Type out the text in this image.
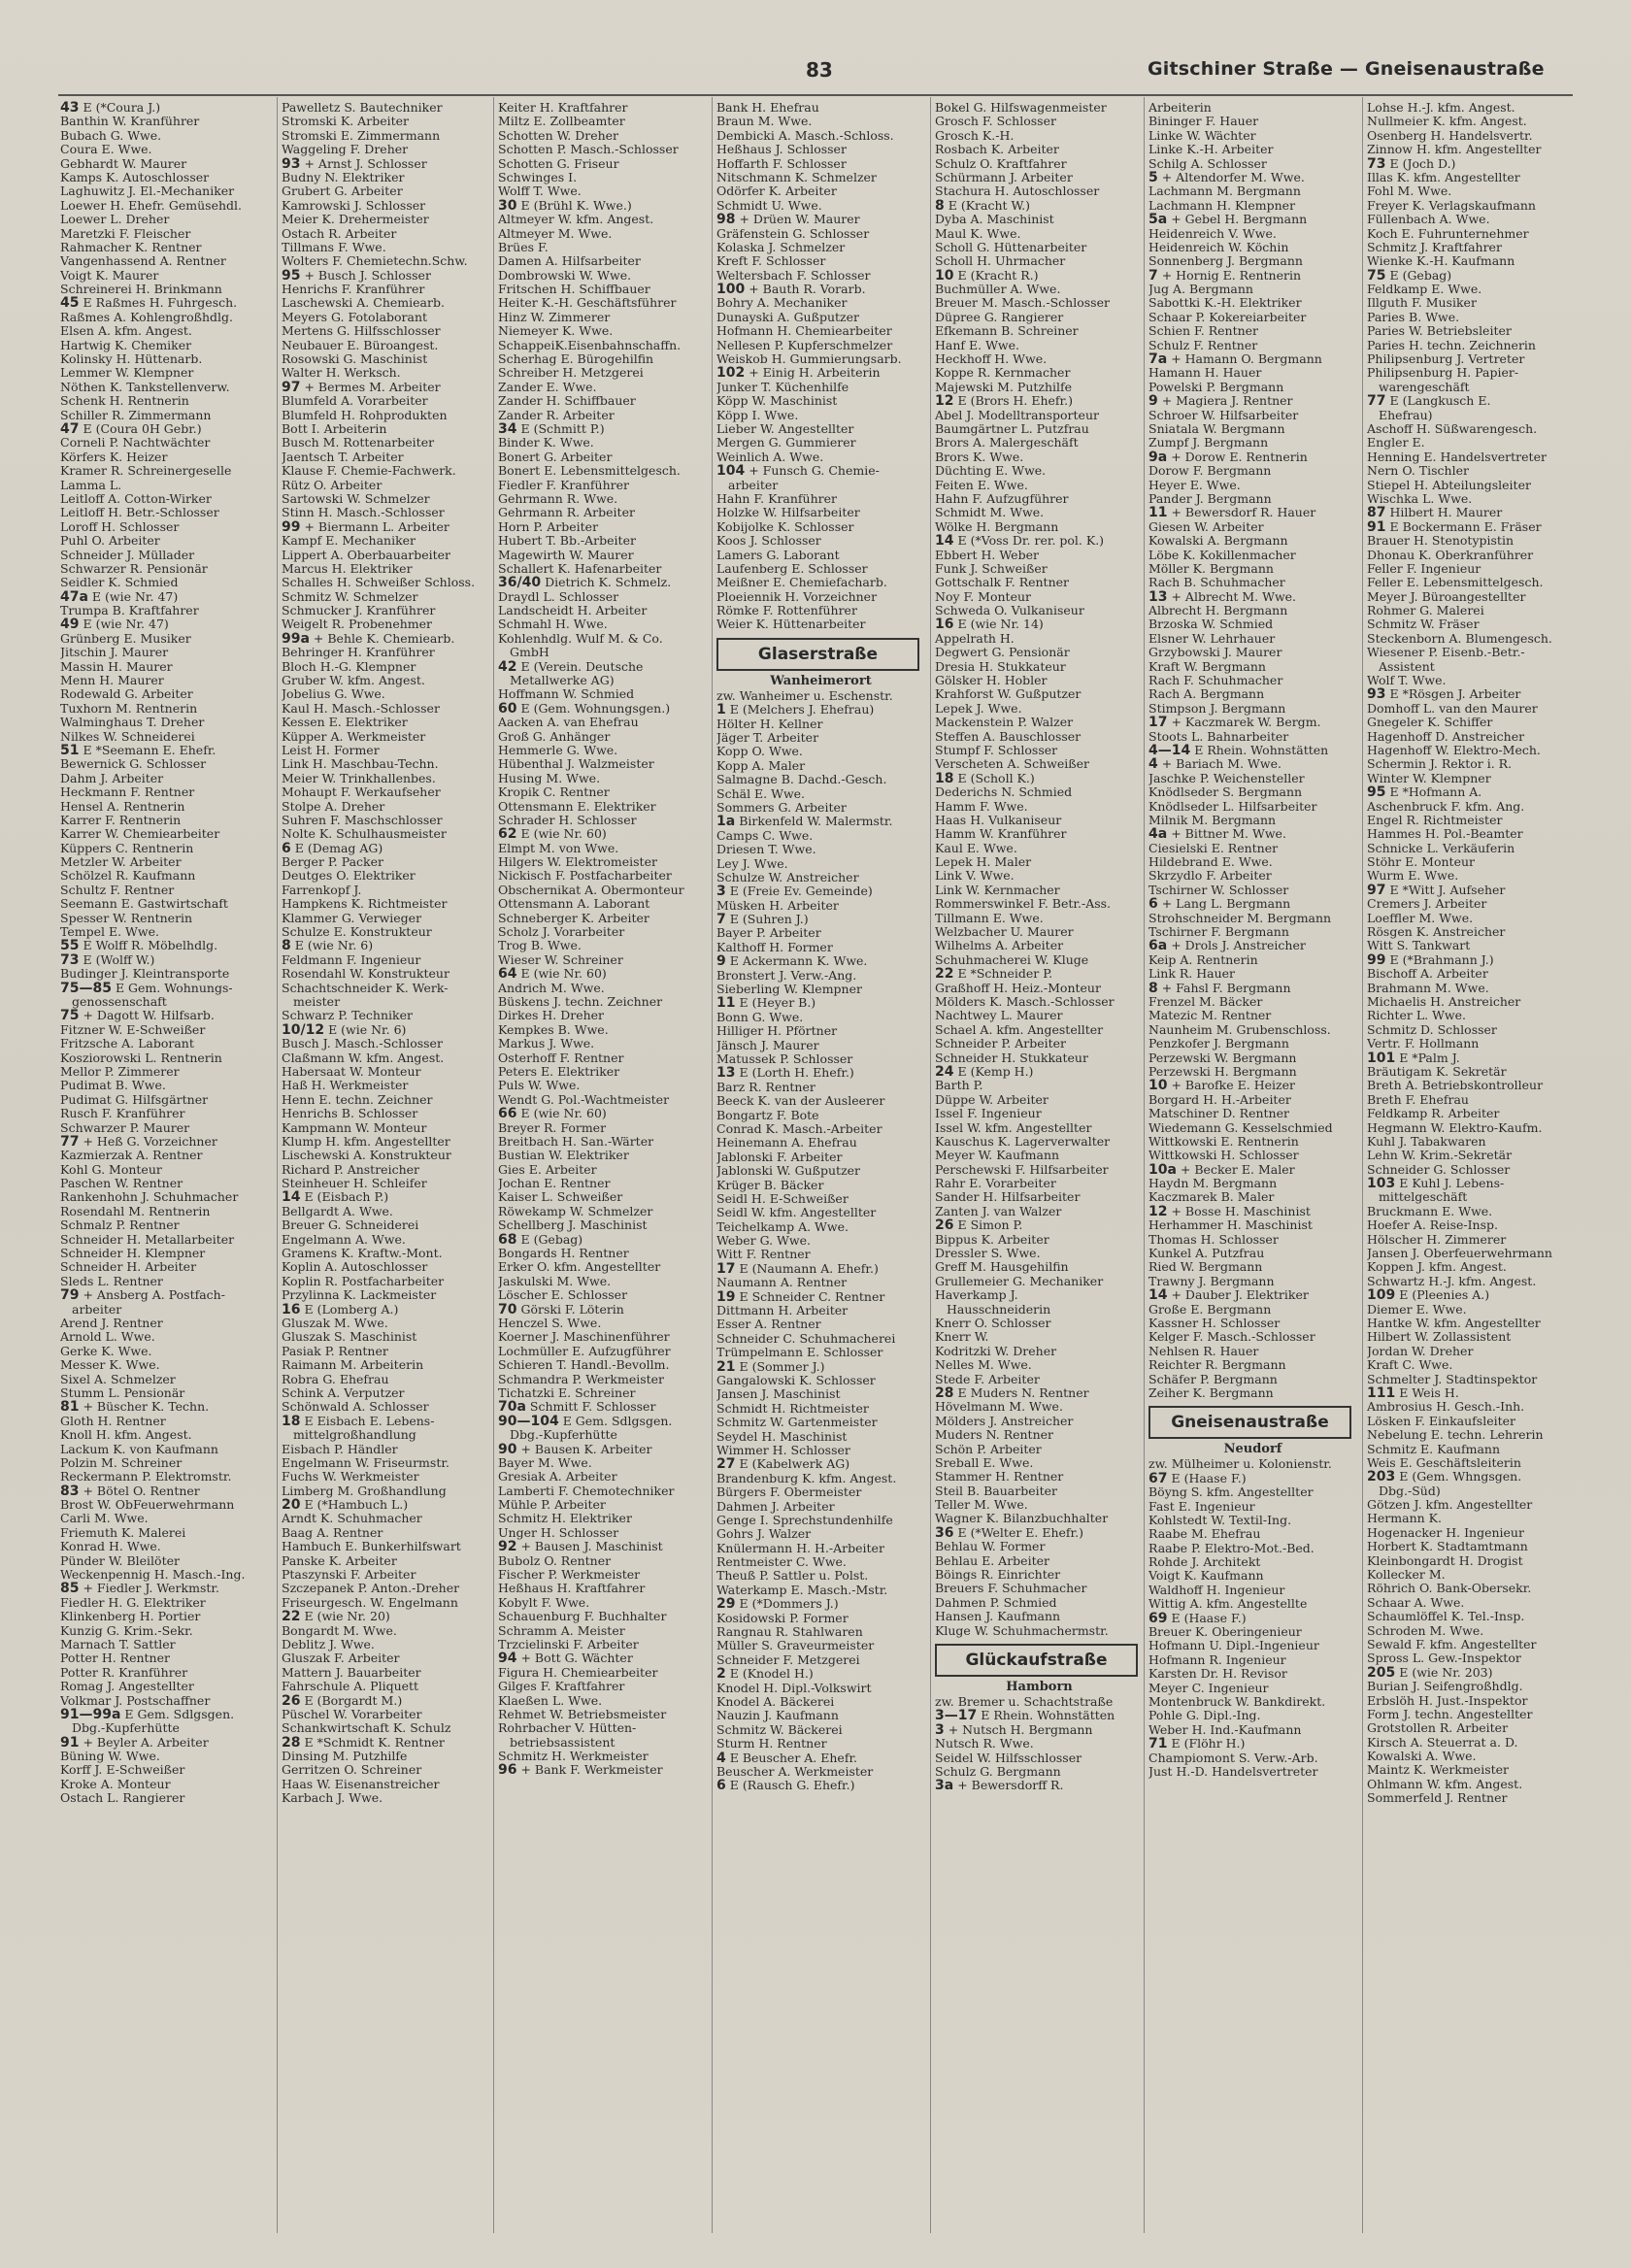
83	Gitschiner Straße — Gneisenaustraße
43 E (*Coura J.)
Banthin W. Kranführer
Bubach G. Wwe.
Coura E. Wwe.
Gebhardt W. Maurer
Kamps K. Autoschlosser
Laghuwitz J. El.-Mechaniker
Loewer H. Ehefr. Gemüsehdl.
Loewer L. Dreher
Maretzki F. Fleischer
Rahmacher K. Rentner
Vangenhassend A. Rentner
Voigt K. Maurer
Schreinerei H. Brinkmann
45 E Raßmes H. Fuhrgesch.
Raßmes A. Kohlengroßhdlg.
Elsen A. kfm. Angest.
Hartwig K. Chemiker
Kolinsky H. Hüttenarb.
Lemmer W. Klempner
Nöthen K. Tankstellenverw.
Schenk H. Rentnerin
Schiller R. Zimmermann
47 E (Coura 0H Gebr.)
Corneli P. Nachtwächter
Körfers K. Heizer
Kramer R. Schreinergeselle
Lamma L.
Leitloff A. Cotton-Wirker
Leitloff H. Betr.-Schlosser
Loroff H. Schlosser
Puhl O. Arbeiter
Schneider J. Müllader
Schwarzer R. Pensionär
Seidler K. Schmied
47a E (wie Nr. 47)
Trumpa B. Kraftfahrer
49 E (wie Nr. 47)
Grünberg E. Musiker
Jitschin J. Maurer
Massin H. Maurer
Menn H. Maurer
Rodewald G. Arbeiter
Tuxhorn M. Rentnerin
Walminghaus T. Dreher
Nilkes W. Schneiderei
51 E *Seemann E. Ehefr.
Bewernick G. Schlosser
Dahm J. Arbeiter
Heckmann F. Rentner
Hensel A. Rentnerin
Karrer F. Rentnerin
Karrer W. Chemiearbeiter
Küppers C. Rentnerin
Metzler W. Arbeiter
Schölzel R. Kaufmann
Schultz F. Rentner
Seemann E. Gastwirtschaft
Spesser W. Rentnerin
Tempel E. Wwe.
55 E Wolff R. Möbelhdlg.
73 E (Wolff W.)
Budinger J. Kleintransporte
75—85 E Gem. Wohnungs-
genossenschaft
75 + Dagott W. Hilfsarb.
Fitzner W. E-Schweißer
Fritzsche A. Laborant
Kosziorowski L. Rentnerin
Mellor P. Zimmerer
Pudimat B. Wwe.
Pudimat G. Hilfsgärtner
Rusch F. Kranführer
Schwarzer P. Maurer
77 + Heß G. Vorzeichner
Kazmierzak A. Rentner
Kohl G. Monteur
Paschen W. Rentner
Rankenhohn J. Schuhmacher
Rosendahl M. Rentnerin
Schmalz P. Rentner
Schneider H. Metallarbeiter
Schneider H. Klempner
Schneider H. Arbeiter
Sleds L. Rentner
79 + Ansberg A. Postfach-
arbeiter
Arend J. Rentner
Arnold L. Wwe.
Gerke K. Wwe.
Messer K. Wwe.
Sixel A. Schmelzer
Stumm L. Pensionär
81 + Büscher K. Techn.
Gloth H. Rentner
Knoll H. kfm. Angest.
Lackum K. von Kaufmann
Polzin M. Schreiner
Reckermann P. Elektromstr.
83 + Bötel O. Rentner
Brost W. ObFeuerwehrmann
Carli M. Wwe.
Friemuth K. Malerei
Konrad H. Wwe.
Pünder W. Bleilöter
Weckenpennig H. Masch.-Ing.
85 + Fiedler J. Werkmstr.
Fiedler H. G. Elektriker
Klinkenberg H. Portier
Kunzig G. Krim.-Sekr.
Marnach T. Sattler
Potter H. Rentner
Potter R. Kranführer
Romag J. Angestellter
Volkmar J. Postschaffner
91—99a E Gem. Sdlgsgen.
Dbg.-Kupferhütte
91 + Beyler A. Arbeiter
Büning W. Wwe.
Korff J. E-Schweißer
Kroke A. Monteur
Ostach L. Rangierer
Pawelletz S. Bautechniker
Stromski K. Arbeiter
Stromski E. Zimmermann
Waggeling F. Dreher
93 + Arnst J. Schlosser
Budny N. Elektriker
Grubert G. Arbeiter
Kamrowski J. Schlosser
Meier K. Drehermeister
Ostach R. Arbeiter
Tillmans F. Wwe.
Wolters F. Chemietechn.Schw.
95 + Busch J. Schlosser
Henrichs F. Kranführer
Laschewski A. Chemiearb.
Meyers G. Fotolaborant
Mertens G. Hilfsschlosser
Neubauer E. Büroangest.
Rosowski G. Maschinist
Walter H. Werksch.
97 + Bermes M. Arbeiter
Blumfeld A. Vorarbeiter
Blumfeld H. Rohprodukten
Bott I. Arbeiterin
Busch M. Rottenarbeiter
Jaentsch T. Arbeiter
Klause F. Chemie-Fachwerk.
Rütz O. Arbeiter
Sartowski W. Schmelzer
Stinn H. Masch.-Schlosser
99 + Biermann L. Arbeiter
Kampf E. Mechaniker
Lippert A. Oberbauarbeiter
Marcus H. Elektriker
Schalles H. Schweißer Schloss.
Schmitz W. Schmelzer
Schmucker J. Kranführer
Weigelt R. Probenehmer
99a + Behle K. Chemiearb.
Behringer H. Kranführer
Bloch H.-G. Klempner
Gruber W. kfm. Angest.
Jobelius G. Wwe.
Kaul H. Masch.-Schlosser
Kessen E. Elektriker
Küpper A. Werkmeister
Leist H. Former
Link H. Maschbau-Techn.
Meier W. Trinkhallenbes.
Mohaupt F. Werkaufseher
Stolpe A. Dreher
Suhren F. Maschschlosser
Nolte K. Schulhausmeister
6 E (Demag AG)
Berger P. Packer
Deutges O. Elektriker
Farrenkopf J.
Hampkens K. Richtmeister
Klammer G. Verwieger
Schulze E. Konstrukteur
8 E (wie Nr. 6)
Feldmann F. Ingenieur
Rosendahl W. Konstrukteur
Schachtschneider K. Werk-
meister
Schwarz P. Techniker
10/12 E (wie Nr. 6)
Busch J. Masch.-Schlosser
Claßmann W. kfm. Angest.
Habersaat W. Monteur
Haß H. Werkmeister
Henn E. techn. Zeichner
Henrichs B. Schlosser
Kampmann W. Monteur
Klump H. kfm. Angestellter
Lischewski A. Konstrukteur
Richard P. Anstreicher
Steinheuer H. Schleifer
14 E (Eisbach P.)
Bellgardt A. Wwe.
Breuer G. Schneiderei
Engelmann A. Wwe.
Gramens K. Kraftw.-Mont.
Koplin A. Autoschlosser
Koplin R. Postfacharbeiter
Przylinna K. Lackmeister
16 E (Lomberg A.)
Gluszak M. Wwe.
Gluszak S. Maschinist
Pasiak P. Rentner
Raimann M. Arbeiterin
Robra G. Ehefrau
Schink A. Verputzer
Schönwald A. Schlosser
18 E Eisbach E. Lebens-
mittelgroßhandlung
Eisbach P. Händler
Engelmann W. Friseurmstr.
Fuchs W. Werkmeister
Limberg M. Großhandlung
20 E (*Hambuch L.)
Arndt K. Schuhmacher
Baag A. Rentner
Hambuch E. Bunkerhilfswart
Panske K. Arbeiter
Ptaszynski F. Arbeiter
Szczepanek P. Anton.-Dreher
Friseurgesch. W. Engelmann
22 E (wie Nr. 20)
Bongardt M. Wwe.
Deblitz J. Wwe.
Gluszak F. Arbeiter
Mattern J. Bauarbeiter
Fahrschule A. Pliquett
26 E (Borgardt M.)
Püschel W. Vorarbeiter
Schankwirtschaft K. Schulz
28 E *Schmidt K. Rentner
Dinsing M. Putzhilfe
Gerritzen O. Schreiner
Haas W. Eisenanstreicher
Karbach J. Wwe.
Keiter H. Kraftfahrer
Miltz E. Zollbeamter
Schotten W. Dreher
Schotten P. Masch.-Schlosser
Schotten G. Friseur
Schwinges I.
Wolff T. Wwe.
30 E (Brühl K. Wwe.)
Altmeyer W. kfm. Angest.
Altmeyer M. Wwe.
Brües F.
Damen A. Hilfsarbeiter
Dombrowski W. Wwe.
Fritschen H. Schiffbauer
Heiter K.-H. Geschäftsführer
Hinz W. Zimmerer
Niemeyer K. Wwe.
SchappeiK.Eisenbahnschaffn.
Scherhag E. Bürogehilfin
Schreiber H. Metzgerei
Zander E. Wwe.
Zander H. Schiffbauer
Zander R. Arbeiter
34 E (Schmitt P.)
Binder K. Wwe.
Bonert G. Arbeiter
Bonert E. Lebensmittelgesch.
Fiedler F. Kranführer
Gehrmann R. Wwe.
Gehrmann R. Arbeiter
Horn P. Arbeiter
Hubert T. Bb.-Arbeiter
Magewirth W. Maurer
Schallert K. Hafenarbeiter
36/40 Dietrich K. Schmelz.
Draydl L. Schlosser
Landscheidt H. Arbeiter
Schmahl H. Wwe.
Kohlenhdlg. Wulf M. & Co.
GmbH
42 E (Verein. Deutsche
Metallwerke AG)
Hoffmann W. Schmied
60 E (Gem. Wohnungsgen.)
Aacken A. van Ehefrau
Groß G. Anhänger
Hemmerle G. Wwe.
Hübenthal J. Walzmeister
Husing M. Wwe.
Kropik C. Rentner
Ottensmann E. Elektriker
Schrader H. Schlosser
62 E (wie Nr. 60)
Elmpt M. von Wwe.
Hilgers W. Elektromeister
Nickisch F. Postfacharbeiter
Obschernikat A. Obermonteur
Ottensmann A. Laborant
Schneberger K. Arbeiter
Scholz J. Vorarbeiter
Trog B. Wwe.
Wieser W. Schreiner
64 E (wie Nr. 60)
Andrich M. Wwe.
Büskens J. techn. Zeichner
Dirkes H. Dreher
Kempkes B. Wwe.
Markus J. Wwe.
Osterhoff F. Rentner
Peters E. Elektriker
Puls W. Wwe.
Wendt G. Pol.-Wachtmeister
66 E (wie Nr. 60)
Breyer R. Former
Breitbach H. San.-Wärter
Bustian W. Elektriker
Gies E. Arbeiter
Jochan E. Rentner
Kaiser L. Schweißer
Röwekamp W. Schmelzer
Schellberg J. Maschinist
68 E (Gebag)
Bongards H. Rentner
Erker O. kfm. Angestellter
Jaskulski M. Wwe.
Löscher E. Schlosser
70 Görski F. Löterin
Henczel S. Wwe.
Koerner J. Maschinenführer
Lochmüller E. Aufzugführer
Schieren T. Handl.-Bevollm.
Schmandra P. Werkmeister
Tichatzki E. Schreiner
70a Schmitt F. Schlosser
90—104 E Gem. Sdlgsgen.
Dbg.-Kupferhütte
90 + Bausen K. Arbeiter
Bayer M. Wwe.
Gresiak A. Arbeiter
Lamberti F. Chemotechniker
Mühle P. Arbeiter
Schmitz H. Elektriker
Unger H. Schlosser
92 + Bausen J. Maschinist
Bubolz O. Rentner
Fischer P. Werkmeister
Heßhaus H. Kraftfahrer
Kobylt F. Wwe.
Schauenburg F. Buchhalter
Schramm A. Meister
Trzcielinski F. Arbeiter
94 + Bott G. Wächter
Figura H. Chemiearbeiter
Gilges F. Kraftfahrer
Klaeßen L. Wwe.
Rehmet W. Betriebsmeister
Rohrbacher V. Hütten-
betriebsassistent
Schmitz H. Werkmeister
96 + Bank F. Werkmeister
Bank H. Ehefrau
Braun M. Wwe.
Dembicki A. Masch.-Schloss.
Heßhaus J. Schlosser
Hoffarth F. Schlosser
Nitschmann K. Schmelzer
Odörfer K. Arbeiter
Schmidt U. Wwe.
98 + Drüen W. Maurer
Gräfenstein G. Schlosser
Kolaska J. Schmelzer
Kreft F. Schlosser
Weltersbach F. Schlosser
100 + Bauth R. Vorarb.
Bohry A. Mechaniker
Dunayski A. Gußputzer
Hofmann H. Chemiearbeiter
Nellesen P. Kupferschmelzer
Weiskob H. Gummierungsarb.
102 + Einig H. Arbeiterin
Junker T. Küchenhilfe
Köpp W. Maschinist
Köpp I. Wwe.
Lieber W. Angestellter
Mergen G. Gummierer
Weinlich A. Wwe.
104 + Funsch G. Chemie-
arbeiter
Hahn F. Kranführer
Holzke W. Hilfsarbeiter
Kobijolke K. Schlosser
Koos J. Schlosser
Lamers G. Laborant
Laufenberg E. Schlosser
Meißner E. Chemiefacharb.
Ploeiennik H. Vorzeichner
Römke F. Rottenführer
Weier K. Hüttenarbeiter
Glaserstraße
Wanheimerort
zw. Wanheimer u. Eschenstr.
1 E (Melchers J. Ehefrau)
Hölter H. Kellner
Jäger T. Arbeiter
Kopp O. Wwe.
Kopp A. Maler
Salmagne B. Dachd.-Gesch.
Schäl E. Wwe.
Sommers G. Arbeiter
1a Birkenfeld W. Malermstr.
Camps C. Wwe.
Driesen T. Wwe.
Ley J. Wwe.
Schulze W. Anstreicher
3 E (Freie Ev. Gemeinde)
Müsken H. Arbeiter
7 E (Suhren J.)
Bayer P. Arbeiter
Kalthoff H. Former
9 E Ackermann K. Wwe.
Bronstert J. Verw.-Ang.
Sieberling W. Klempner
11 E (Heyer B.)
Bonn G. Wwe.
Hilliger H. Pförtner
Jänsch J. Maurer
Matussek P. Schlosser
13 E (Lorth H. Ehefr.)
Barz R. Rentner
Beeck K. van der Ausleerer
Bongartz F. Bote
Conrad K. Masch.-Arbeiter
Heinemann A. Ehefrau
Jablonski F. Arbeiter
Jablonski W. Gußputzer
Krüger B. Bäcker
Seidl H. E-Schweißer
Seidl W. kfm. Angestellter
Teichelkamp A. Wwe.
Weber G. Wwe.
Witt F. Rentner
17 E (Naumann A. Ehefr.)
Naumann A. Rentner
19 E Schneider C. Rentner
Dittmann H. Arbeiter
Esser A. Rentner
Schneider C. Schuhmacherei
Trümpelmann E. Schlosser
21 E (Sommer J.)
Gangalowski K. Schlosser
Jansen J. Maschinist
Schmidt H. Richtmeister
Schmitz W. Gartenmeister
Seydel H. Maschinist
Wimmer H. Schlosser
27 E (Kabelwerk AG)
Brandenburg K. kfm. Angest.
Bürgers F. Obermeister
Dahmen J. Arbeiter
Genge I. Sprechstundenhilfe
Gohrs J. Walzer
Knülermann H. H.-Arbeiter
Rentmeister C. Wwe.
Theuß P. Sattler u. Polst.
Waterkamp E. Masch.-Mstr.
29 E (*Dommers J.)
Kosidowski P. Former
Rangnau R. Stahlwaren
Müller S. Graveurmeister
Schneider F. Metzgerei
2 E (Knodel H.)
Knodel H. Dipl.-Volkswirt
Knodel A. Bäckerei
Nauzin J. Kaufmann
Schmitz W. Bäckerei
Sturm H. Rentner
4 E Beuscher A. Ehefr.
Beuscher A. Werkmeister
6 E (Rausch G. Ehefr.)
Bokel G. Hilfswagenmeister
Grosch F. Schlosser
Grosch K.-H.
Rosbach K. Arbeiter
Schulz O. Kraftfahrer
Schürmann J. Arbeiter
Stachura H. Autoschlosser
8 E (Kracht W.)
Dyba A. Maschinist
Maul K. Wwe.
Scholl G. Hüttenarbeiter
Scholl H. Uhrmacher
10 E (Kracht R.)
Buchmüller A. Wwe.
Breuer M. Masch.-Schlosser
Düpree G. Rangierer
Efkemann B. Schreiner
Hanf E. Wwe.
Heckhoff H. Wwe.
Koppe R. Kernmacher
Majewski M. Putzhilfe
12 E (Brors H. Ehefr.)
Abel J. Modelltransporteur
Baumgärtner L. Putzfrau
Brors A. Malergeschäft
Brors K. Wwe.
Düchting E. Wwe.
Feiten E. Wwe.
Hahn F. Aufzugführer
Schmidt M. Wwe.
Wölke H. Bergmann
14 E (*Voss Dr. rer. pol. K.)
Ebbert H. Weber
Funk J. Schweißer
Gottschalk F. Rentner
Noy F. Monteur
Schweda O. Vulkaniseur
16 E (wie Nr. 14)
Appelrath H.
Degwert G. Pensionär
Dresia H. Stukkateur
Gölsker H. Hobler
Krahforst W. Gußputzer
Lepek J. Wwe.
Mackenstein P. Walzer
Steffen A. Bauschlosser
Stumpf F. Schlosser
Verscheten A. Schweißer
18 E (Scholl K.)
Dederichs N. Schmied
Hamm F. Wwe.
Haas H. Vulkaniseur
Hamm W. Kranführer
Kaul E. Wwe.
Lepek H. Maler
Link V. Wwe.
Link W. Kernmacher
Rommerswinkel F. Betr.-Ass.
Tillmann E. Wwe.
Welzbacher U. Maurer
Wilhelms A. Arbeiter
Schuhmacherei W. Kluge
22 E *Schneider P.
Graßhoff H. Heiz.-Monteur
Mölders K. Masch.-Schlosser
Nachtwey L. Maurer
Schael A. kfm. Angestellter
Schneider P. Arbeiter
Schneider H. Stukkateur
24 E (Kemp H.)
Barth P.
Düppe W. Arbeiter
Issel F. Ingenieur
Issel W. kfm. Angestellter
Kauschus K. Lagerverwalter
Meyer W. Kaufmann
Perschewski F. Hilfsarbeiter
Rahr E. Vorarbeiter
Sander H. Hilfsarbeiter
Zanten J. van Walzer
26 E Simon P.
Bippus K. Arbeiter
Dressler S. Wwe.
Greff M. Hausgehilfin
Grullemeier G. Mechaniker
Haverkamp J.
Hausschneiderin
Knerr O. Schlosser
Knerr W.
Kodritzki W. Dreher
Nelles M. Wwe.
Stede F. Arbeiter
28 E Muders N. Rentner
Hövelmann M. Wwe.
Mölders J. Anstreicher
Muders N. Rentner
Schön P. Arbeiter
Sreball E. Wwe.
Stammer H. Rentner
Steil B. Bauarbeiter
Teller M. Wwe.
Wagner K. Bilanzbuchhalter
36 E (*Welter E. Ehefr.)
Behlau W. Former
Behlau E. Arbeiter
Böings R. Einrichter
Breuers F. Schuhmacher
Dahmen P. Schmied
Hansen J. Kaufmann
Kluge W. Schuhmachermstr.
Glückaufstraße
Hamborn
zw. Bremer u. Schachtstraße
3—17 E Rhein. Wohnstätten
3 + Nutsch H. Bergmann
Nutsch R. Wwe.
Seidel W. Hilfsschlosser
Schulz G. Bergmann
3a + Bewersdorff R.
Arbeiterin
Bininger F. Hauer
Linke W. Wächter
Linke K.-H. Arbeiter
Schilg A. Schlosser
5 + Altendorfer M. Wwe.
Lachmann M. Bergmann
Lachmann H. Klempner
5a + Gebel H. Bergmann
Heidenreich V. Wwe.
Heidenreich W. Köchin
Sonnenberg J. Bergmann
7 + Hornig E. Rentnerin
Jug A. Bergmann
Sabottki K.-H. Elektriker
Schaar P. Kokereiarbeiter
Schien F. Rentner
Schulz F. Rentner
7a + Hamann O. Bergmann
Hamann H. Hauer
Powelski P. Bergmann
9 + Magiera J. Rentner
Schroer W. Hilfsarbeiter
Sniatala W. Bergmann
Zumpf J. Bergmann
9a + Dorow E. Rentnerin
Dorow F. Bergmann
Heyer E. Wwe.
Pander J. Bergmann
11 + Bewersdorf R. Hauer
Giesen W. Arbeiter
Kowalski A. Bergmann
Löbe K. Kokillenmacher
Möller K. Bergmann
Rach B. Schuhmacher
13 + Albrecht M. Wwe.
Albrecht H. Bergmann
Brzoska W. Schmied
Elsner W. Lehrhauer
Grzybowski J. Maurer
Kraft W. Bergmann
Rach F. Schuhmacher
Rach A. Bergmann
Stimpson J. Bergmann
17 + Kaczmarek W. Bergm.
Stoots L. Bahnarbeiter
4—14 E Rhein. Wohnstätten
4 + Bariach M. Wwe.
Jaschke P. Weichensteller
Knödlseder S. Bergmann
Knödlseder L. Hilfsarbeiter
Milnik M. Bergmann
4a + Bittner M. Wwe.
Ciesielski E. Rentner
Hildebrand E. Wwe.
Skrzydlo F. Arbeiter
Tschirner W. Schlosser
6 + Lang L. Bergmann
Strohschneider M. Bergmann
Tschirner F. Bergmann
6a + Drols J. Anstreicher
Keip A. Rentnerin
Link R. Hauer
8 + Fahsl F. Bergmann
Frenzel M. Bäcker
Matezic M. Rentner
Naunheim M. Grubenschloss.
Penzkofer J. Bergmann
Perzewski W. Bergmann
Perzewski H. Bergmann
10 + Barofke E. Heizer
Borgard H. H.-Arbeiter
Matschiner D. Rentner
Wiedemann G. Kesselschmied
Wittkowski E. Rentnerin
Wittkowski H. Schlosser
10a + Becker E. Maler
Haydn M. Bergmann
Kaczmarek B. Maler
12 + Bosse H. Maschinist
Herhammer H. Maschinist
Thomas H. Schlosser
Kunkel A. Putzfrau
Ried W. Bergmann
Trawny J. Bergmann
14 + Dauber J. Elektriker
Große E. Bergmann
Kassner H. Schlosser
Kelger F. Masch.-Schlosser
Nehlsen R. Hauer
Reichter R. Bergmann
Schäfer P. Bergmann
Zeiher K. Bergmann
Gneisenaustraße
Neudorf
zw. Mülheimer u. Kolonienstr.
67 E (Haase F.)
Böyng S. kfm. Angestellter
Fast E. Ingenieur
Kohlstedt W. Textil-Ing.
Raabe M. Ehefrau
Raabe P. Elektro-Mot.-Bed.
Rohde J. Architekt
Voigt K. Kaufmann
Waldhoff H. Ingenieur
Wittig A. kfm. Angestellte
69 E (Haase F.)
Breuer K. Oberingenieur
Hofmann U. Dipl.-Ingenieur
Hofmann R. Ingenieur
Karsten Dr. H. Revisor
Meyer C. Ingenieur
Montenbruck W. Bankdirekt.
Pohle G. Dipl.-Ing.
Weber H. Ind.-Kaufmann
71 E (Flöhr H.)
Champiomont S. Verw.-Arb.
Just H.-D. Handelsvertreter
Lohse H.-J. kfm. Angest.
Nullmeier K. kfm. Angest.
Osenberg H. Handelsvertr.
Zinnow H. kfm. Angestellter
73 E (Joch D.)
Illas K. kfm. Angestellter
Fohl M. Wwe.
Freyer K. Verlagskaufmann
Füllenbach A. Wwe.
Koch E. Fuhrunternehmer
Schmitz J. Kraftfahrer
Wienke K.-H. Kaufmann
75 E (Gebag)
Feldkamp E. Wwe.
Illguth F. Musiker
Paries B. Wwe.
Paries W. Betriebsleiter
Paries H. techn. Zeichnerin
Philipsenburg J. Vertreter
Philipsenburg H. Papier-
warengeschäft
77 E (Langkusch E.
Ehefrau)
Aschoff H. Süßwarengesch.
Engler E.
Henning E. Handelsvertreter
Nern O. Tischler
Stiepel H. Abteilungsleiter
Wischka L. Wwe.
87 Hilbert H. Maurer
91 E Bockermann E. Fräser
Brauer H. Stenotypistin
Dhonau K. Oberkranführer
Feller F. Ingenieur
Feller E. Lebensmittelgesch.
Meyer J. Büroangestellter
Rohmer G. Malerei
Schmitz W. Fräser
Steckenborn A. Blumengesch.
Wiesener P. Eisenb.-Betr.-
Assistent
Wolf T. Wwe.
93 E *Rösgen J. Arbeiter
Domhoff L. van den Maurer
Gnegeler K. Schiffer
Hagenhoff D. Anstreicher
Hagenhoff W. Elektro-Mech.
Schermin J. Rektor i. R.
Winter W. Klempner
95 E *Hofmann A.
Aschenbruck F. kfm. Ang.
Engel R. Richtmeister
Hammes H. Pol.-Beamter
Schnicke L. Verkäuferin
Stöhr E. Monteur
Wurm E. Wwe.
97 E *Witt J. Aufseher
Cremers J. Arbeiter
Loeffler M. Wwe.
Rösgen K. Anstreicher
Witt S. Tankwart
99 E (*Brahmann J.)
Bischoff A. Arbeiter
Brahmann M. Wwe.
Michaelis H. Anstreicher
Richter L. Wwe.
Schmitz D. Schlosser
Vertr. F. Hollmann
101 E *Palm J.
Bräutigam K. Sekretär
Breth A. Betriebskontrolleur
Breth F. Ehefrau
Feldkamp R. Arbeiter
Hegmann W. Elektro-Kaufm.
Kuhl J. Tabakwaren
Lehn W. Krim.-Sekretär
Schneider G. Schlosser
103 E Kuhl J. Lebens-
mittelgeschäft
Bruckmann E. Wwe.
Hoefer A. Reise-Insp.
Hölscher H. Zimmerer
Jansen J. Oberfeuerwehrmann
Koppen J. kfm. Angest.
Schwartz H.-J. kfm. Angest.
109 E (Pleenies A.)
Diemer E. Wwe.
Hantke W. kfm. Angestellter
Hilbert W. Zollassistent
Jordan W. Dreher
Kraft C. Wwe.
Schmelter J. Stadtinspektor
111 E Weis H.
Ambrosius H. Gesch.-Inh.
Lösken F. Einkaufsleiter
Nebelung E. techn. Lehrerin
Schmitz E. Kaufmann
Weis E. Geschäftsleiterin
203 E (Gem. Whngsgen.
Dbg.-Süd)
Götzen J. kfm. Angestellter
Hermann K.
Hogenacker H. Ingenieur
Horbert K. Stadtamtmann
Kleinbongardt H. Drogist
Kollecker M.
Röhrich O. Bank-Obersekr.
Schaar A. Wwe.
Schaumlöffel K. Tel.-Insp.
Schroden M. Wwe.
Sewald F. kfm. Angestellter
Spross L. Gew.-Inspektor
205 E (wie Nr. 203)
Burian J. Seifengroßhdlg.
Erbslöh H. Just.-Inspektor
Form J. techn. Angestellter
Grotstollen R. Arbeiter
Kirsch A. Steuerrat a. D.
Kowalski A. Wwe.
Maintz K. Werkmeister
Ohlmann W. kfm. Angest.
Sommerfeld J. Rentner
